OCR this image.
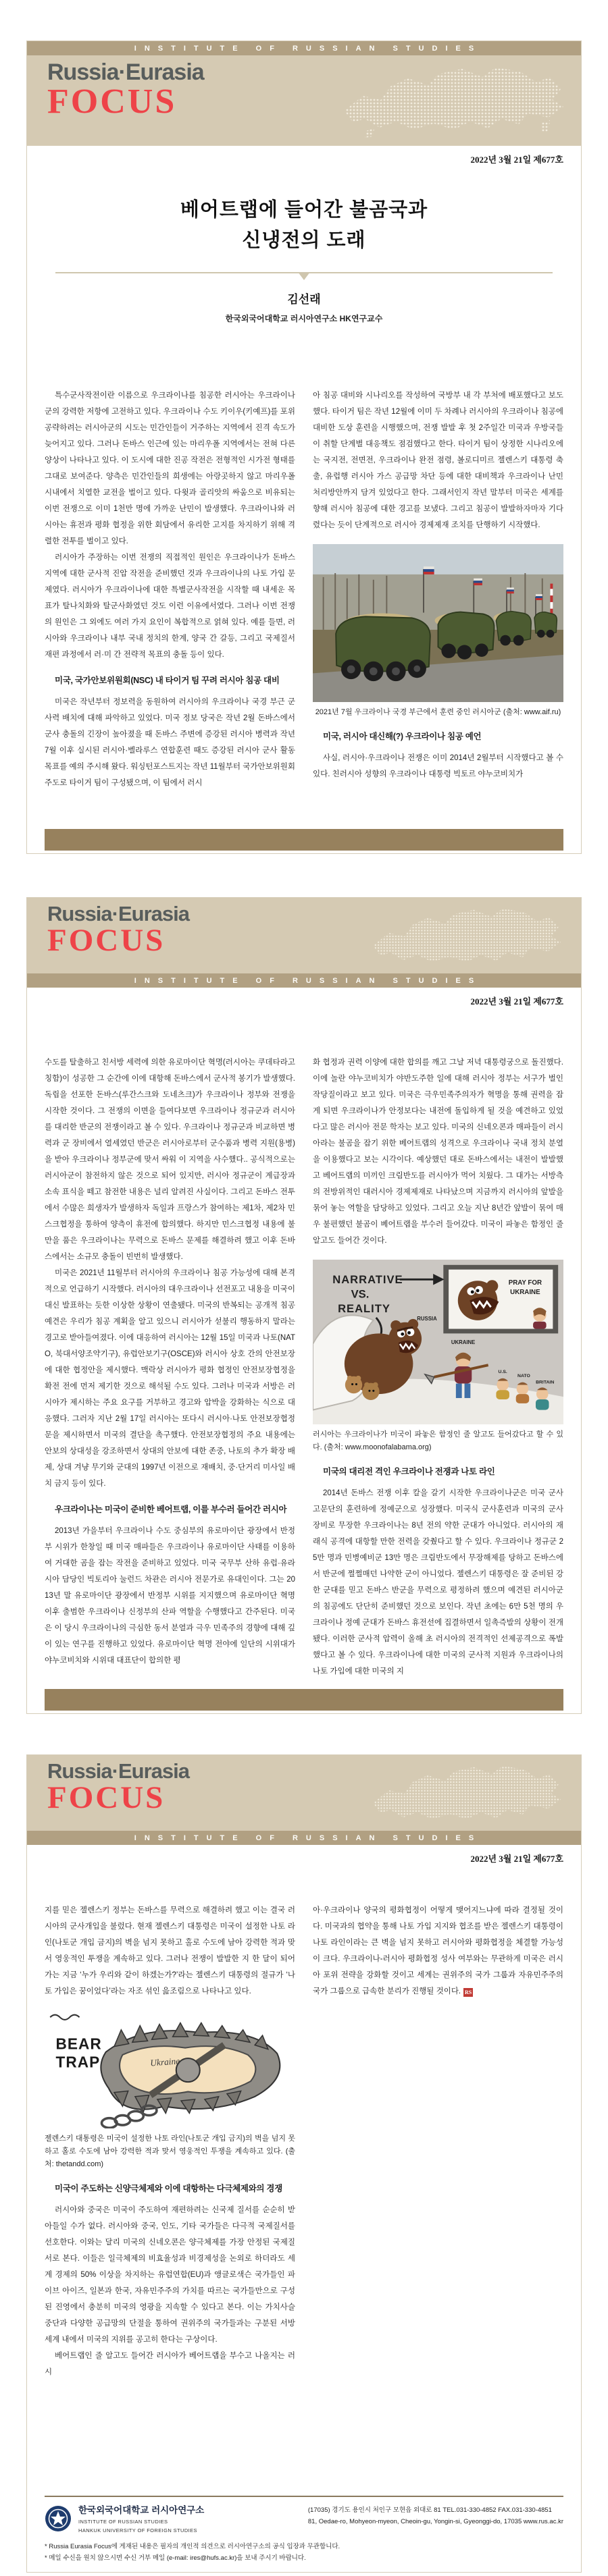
INSTITUTE OF RUSSIAN STUDIES
Russia·Eurasia
FOCUS
2022년 3월 21일 제677호
베어트랩에 들어간 불곰국과
신냉전의 도래
김선래
한국외국어대학교 러시아연구소 HK연구교수

특수군사작전이란 이름으로 우크라이나를 침공한 러시아는 우크라이나군의 강력한 저항에 고전하고 있다. 우크라이나 수도 키이우(키예프)를 포위 공략하려는 러시아군의 시도는 민간인들이 거주하는 지역에서 진격 속도가 늦어지고 있다. 그러나 돈바스 인근에 있는 마리우폴 지역에서는 전혀 다른 양상이 나타나고 있다. 이 도시에 대한 진공 작전은 전형적인 시가전 형태를 그대로 보여준다. 양측은 민간인들의 희생에는 아랑곳하지 않고 마리우폴 시내에서 치열한 교전을 벌이고 있다. 다윗과 골리앗의 싸움으로 비유되는 이번 전쟁으로 이미 1천만 명에 가까운 난민이 발생했다. 우크라이나와 러시아는 휴전과 평화 협정을 위한 회담에서 유리한 고지를 차지하기 위해 격렬한 전투를 벌이고 있다.

러시아가 주장하는 이번 전쟁의 직접적인 원인은 우크라이나가 돈바스 지역에 대한 군사적 진압 작전을 준비했던 것과 우크라이나의 나토 가입 문제였다. 러시아가 우크라이나에 대한 특별군사작전을 시작할 때 내세운 목표가 탈나치화와 탈군사화였던 것도 이런 이유에서였다. 그러나 이번 전쟁의 원인은 그 외에도 여러 가지 요인이 복합적으로 얽혀 있다. 예를 들면, 러시아와 우크라이나 내부 국내 정치의 한계, 양국 간 갈등, 그리고 국제질서 재편 과정에서 러·미 간 전략적 목표의 충돌 등이 있다.

미국, 국가안보위원회(NSC) 내 타이거 팀 꾸려 러시아 침공 대비

미국은 작년부터 정보력을 동원하여 러시아의 우크라이나 국경 부근 군사력 배치에 대해 파악하고 있었다. 미국 정보 당국은 작년 2월 돈바스에서 군사 충돌의 긴장이 높아졌을 때 돈바스 주변에 증강된 러시아 병력과 작년 7월 이후 실시된 러시아·벨라루스 연합훈련 때도 증강된 러시아 군사 활동 목표를 예의 주시해 왔다. 워싱턴포스트지는 작년 11월부터 국가안보위원회 주도로 타이거 팀이 구성됐으며, 이 팀에서 러시

아 침공 대비와 시나리오를 작성하여 국방부 내 각 부처에 배포했다고 보도했다. 타이거 팀은 작년 12월에 이미 두 차례나 러시아의 우크라이나 침공에 대비한 도상 훈련을 시행했으며, 전쟁 발발 후 첫 2주일간 미국과 우방국들이 취할 단계별 대응책도 점검했다고 한다. 타이거 팀이 상정한 시나리오에는 국지전, 전면전, 우크라이나 완전 점령, 볼로디미르 젤렌스키 대통령 축출, 유럽행 러시아 가스 공급망 차단 등에 대한 대비책과 우크라이나 난민 처리방안까지 담겨 있었다고 한다. 그래서인지 작년 말부터 미국은 세계를 향해 러시아 침공에 대한 경고를 보냈다. 그리고 침공이 발발하자마자 기다렸다는 듯이 단계적으로 러시아 경제제재 조치를 단행하기 시작했다.

2021년 7월 우크라이나 국경 부근에서 훈련 중인 러시아군 (출처: www.aif.ru)

미국, 러시아 대신해(?) 우크라이나 침공 예언

사실, 러시아·우크라이나 전쟁은 이미 2014년 2월부터 시작했다고 볼 수 있다. 친러시아 성향의 우크라이나 대통령 빅토르 야누코비치가

Russia·Eurasia
FOCUS
INSTITUTE OF RUSSIAN STUDIES
2022년 3월 21일 제677호

수도를 탈출하고 친서방 세력에 의한 유로마이단 혁명(러시아는 쿠데타라고 칭함)이 성공한 그 순간에 이에 대항해 돈바스에서 군사적 봉기가 발생했다. 독립을 선포한 돈바스(루간스크와 도네츠크)가 우크라이나 정부와 전쟁을 시작한 것이다. 그 전쟁의 이면을 들여다보면 우크라이나 정규군과 러시아를 대리한 반군의 전쟁이라고 볼 수 있다. 우크라이나 정규군과 비교하면 병력과 군 장비에서 열세였던 반군은 러시아로부터 군수품과 병력 지원(용병)을 받아 우크라이나 정부군에 맞서 싸워 이 지역을 사수했다.. 공식적으로는 러시아군이 참전하지 않은 것으로 되어 있지만, 러시아 정규군이 계급장과 소속 표식을 떼고 참전한 내용은 널리 알려진 사실이다. 그리고 돈바스 전투에서 수많은 희생자가 발생하자 독일과 프랑스가 참여하는 제1차, 제2차 민스크협정을 통하여 양측이 휴전에 합의했다. 하지만 민스크협정 내용에 불만을 품은 우크라이나는 무력으로 돈바스 문제를 해결하려 했고 이후 돈바스에서는 소규모 충돌이 빈번히 발생했다.

미국은 2021년 11월부터 러시아의 우크라이나 침공 가능성에 대해 본격적으로 언급하기 시작했다. 러시아의 대우크라이나 선전포고 내용을 미국이 대신 발표하는 듯한 이상한 상황이 연출됐다. 미국의 반복되는 공개적 침공 예견은 우리가 침공 계획을 알고 있으니 러시아가 섣불리 행동하지 말라는 경고로 받아들여졌다. 이에 대응하여 러시아는 12월 15일 미국과 나토(NATO, 북대서양조약기구), 유럽안보기구(OSCE)와 러시아 상호 간의 안전보장에 대한 협정안을 제시했다. 맥락상 러시아가 평화 협정인 안전보장협정을 확전 전에 먼저 제기한 것으로 해석될 수도 있다. 그러나 미국과 서방은 러시아가 제시하는 주요 요구를 거부하고 경고와 압박을 강화하는 식으로 대응했다. 그러자 지난 2월 17일 러시아는 또다시 러시아·나토 안전보장협정문을 제시하면서 미국의 결단을 촉구했다. 안전보장협정의 주요 내용에는 안보의 상대성을 강조하면서 상대의 안보에 대한 존중, 나토의 추가 확장 배제, 상대 겨냥 무기와 군대의 1997년 이전으로 재배치, 중·단거리 미사일 배치 금지 등이 있다.

우크라이나는 미국이 준비한 베어트랩, 이를 부수러 들어간 러시아

2013년 가을부터 우크라이나 수도 중심부의 유로마이단 광장에서 반정부 시위가 한창일 때 미국 매파들은 우크라이나 유로마이단 사태를 이용하여 거대한 곰을 잡는 작전을 준비하고 있었다. 미국 국무부 산하 유럽·유라시아 담당인 빅토리아 눌런드 차관은 러시아 전문가로 유대인이다. 그는 2013년 말 유로마이단 광장에서 반정부 시위를 지지했으며 유로마이단 혁명 이후 출범한 우크라이나 신정부의 산파 역할을 수행했다고 간주된다. 미국은 이 당시 우크라이나의 극심한 동서 분열과 극우 민족주의 경향에 대해 깊이 있는 연구를 진행하고 있었다. 유로마이단 혁명 전야에 일단의 시위대가 야누코비치와 시위대 대표단이 합의한 평

화 협정과 권력 이양에 대한 합의를 깨고 그날 저녁 대통령궁으로 돌진했다. 이에 놀란 야누코비치가 야반도주한 일에 대해 러시아 정부는 서구가 벌인 작당질이라고 보고 있다. 미국은 극우민족주의자가 혁명을 통해 권력을 잡게 되면 우크라이나가 안정보다는 내전에 돌입하게 될 것을 예견하고 있었다고 많은 러시아 전문 학자는 보고 있다. 미국의 신네오콘과 매파들이 러시아라는 불곰을 잡기 위한 베어트랩의 성격으로 우크라이나 국내 정치 분열을 이용했다고 보는 시각이다. 예상했던 대로 돈바스에서는 내전이 발발했고 베어트랩의 미끼인 크림반도를 러시아가 먹어 치웠다. 그 대가는 서방측의 전방위적인 대러시아 경제제재로 나타났으며 지금까지 러시아의 앞발을 묶어 놓는 역할을 담당하고 있었다. 그리고 오늘 지난 8년간 앞발이 묶여 매우 불편했던 불곰이 베어트랩을 부수러 들어갔다. 미국이 파놓은 함정인 줄 알고도 들어간 것이다.

PRAY FOR
UKRAINE
NARRATIVE
VS.
REALITY
RUSSIA
UKRAINE
U.S.
NATO
BRITAIN

러시아는 우크라이나가 미국이 파놓은 함정인 줄 알고도 들어갔다고 할 수 있다. (출처: www.moonofalabama.org)

미국의 대리전 격인 우크라이나 전쟁과 나토 라인

2014년 돈바스 전쟁 이후 칼을 갈기 시작한 우크라이나군은 미국 군사 고문단의 훈련하에 정예군으로 성장했다. 미국식 군사훈련과 미국의 군사 장비로 무장한 우크라이나는 8년 전의 약한 군대가 아니었다. 러시아의 재래식 공격에 대항할 만한 전력을 갖췄다고 할 수 있다. 우크라이나 정규군 25만 명과 민병예비군 13만 명은 크림반도에서 무장해제를 당하고 돈바스에서 반군에 쩔쩔매던 나약한 군이 아니었다. 젤렌스키 대통령은 잘 준비된 강한 군대를 믿고 돈바스 반군을 무력으로 평정하려 했으며 예견된 러시아군의 침공에도 단단히 준비했던 것으로 보인다. 작년 초에는 6만 5천 명의 우크라이나 정예 군대가 돈바스 휴전선에 집결하면서 일촉즉발의 상황이 전개됐다. 이러한 군사적 압력이 올해 초 러시아의 전격적인 선제공격으로 폭발했다고 볼 수 있다. 우크라이나에 대한 미국의 군사적 지원과 우크라이나의 나토 가입에 대한 미국의 지

Russia·Eurasia
FOCUS
INSTITUTE OF RUSSIAN STUDIES
2022년 3월 21일 제677호

지를 믿은 젤렌스키 정부는 돈바스를 무력으로 해결하려 했고 이는 결국 러시아의 군사개입을 불렀다. 현재 젤렌스키 대통령은 미국이 설정한 나토 라인(나토군 개입 금지)의 벽을 넘지 못하고 홀로 수도에 남아 강력한 적과 맞서 영웅적인 투쟁을 계속하고 있다. 그러나 전쟁이 발발한 지 한 달이 되어가는 지금 ‘누가 우리와 같이 하겠는가?’라는 젤렌스키 대통령의 절규가 ‘나토 가입은 꿈이었다’라는 자조 섞인 읊조림으로 나타나고 있다.

BEAR
TRAP	Ukraine

젤렌스키 대통령은 미국이 설정한 나토 라인(나토군 개입 금지)의 벽을 넘지 못하고 홀로 수도에 남아 강력한 적과 맞서 영웅적인 투쟁을 계속하고 있다. (출처: thetandd.com)

미국이 주도하는 신양극체제와 이에 대항하는 다극체제와의 경쟁

러시아와 중국은 미국이 주도하여 재편하려는 신국제 질서를 순순히 받아들일 수가 없다. 러시아와 중국, 인도, 기타 국가들은 다극적 국제질서를 선호한다. 이와는 달리 미국의 신네오콘은 양극체제를 가장 안정된 국제질서로 본다. 이들은 일극체제의 비효율성과 비경제성을 논외로 하더라도 세계 경제의 50% 이상을 차지하는 유럽연합(EU)과 앵글로색슨 국가들인 파이브 아이즈, 일본과 한국, 자유민주주의 가치를 따르는 국가들만으로 구성된 진영에서 충분히 미국의 영광을 지속할 수 있다고 본다. 이는 가치사슬 중단과 다양한 공급망의 단절을 통하여 권위주의 국가들과는 구분된 서방 세계 내에서 미국의 지위를 공고히 한다는 구상이다.

베어트랩인 줄 알고도 들어간 러시아가 베어트랩을 부수고 나올지는 러시

아·우크라이나 양국의 평화협정이 어떻게 맺어지느냐에 따라 결정될 것이다. 미국과의 협약을 통해 나토 가입 지지와 협조를 받은 젤렌스키 대통령이 나토 라인이라는 큰 벽을 넘지 못하고 러시아와 평화협정을 체결할 가능성이 크다. 우크라이나-러시아 평화협정 성사 여부와는 무관하게 미국은 러시아 포위 전략을 강화할 것이고 세계는 권위주의 국가 그룹과 자유민주주의 국가 그룹으로 급속한 분리가 진행될 것이다. RS

한국외국어대학교 러시아연구소
INSTITUTE OF RUSSIAN STUDIES
HANKUK UNIVERSITY OF FOREIGN STUDIES
(17035) 경기도 용인시 처인구 모현읍 외대로 81 TEL.031-330-4852 FAX.031-330-4851
81, Oedae-ro, Mohyeon-myeon, Cheoin-gu, Yongin-si, Gyeonggi-do, 17035 www.rus.ac.kr
* Russia Eurasia Focus에 게재된 내용은 필자의 개인적 의견으로 러시아연구소의 공식 입장과 무관합니다.
* 메일 수신을 원치 않으시면 수신 거부 메일 (e-mail: ires@hufs.ac.kr)을 보내 주시기 바랍니다.
